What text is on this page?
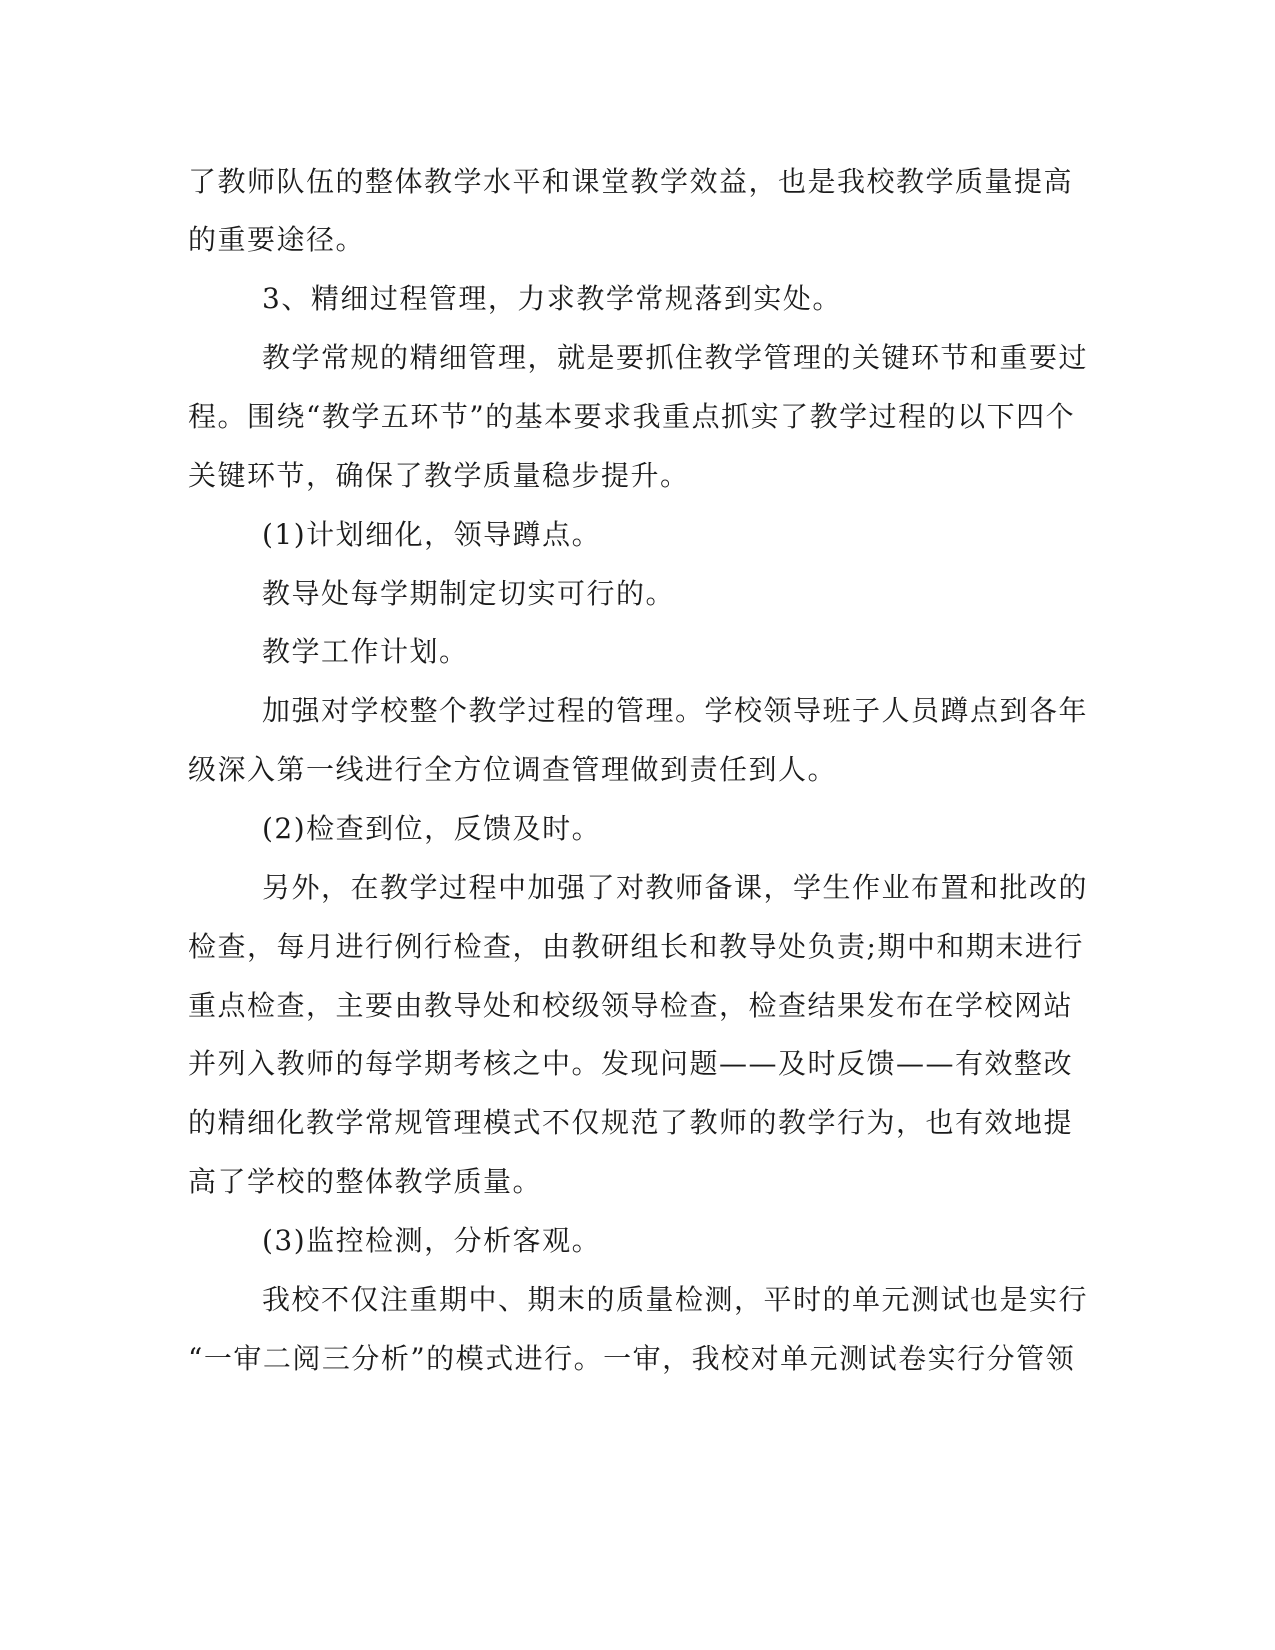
了教师队伍的整体教学水平和课堂教学效益，也是我校教学质量提高

的重要途径。

3、精细过程管理，力求教学常规落到实处。

教学常规的精细管理，就是要抓住教学管理的关键环节和重要过

程。围绕“教学五环节”的基本要求我重点抓实了教学过程的以下四个

关键环节，确保了教学质量稳步提升。

(1)计划细化，领导蹲点。

教导处每学期制定切实可行的。

教学工作计划。

加强对学校整个教学过程的管理。学校领导班子人员蹲点到各年

级深入第一线进行全方位调查管理做到责任到人。

(2)检查到位，反馈及时。

另外，在教学过程中加强了对教师备课，学生作业布置和批改的

检查，每月进行例行检查，由教研组长和教导处负责;期中和期末进行

重点检查，主要由教导处和校级领导检查，检查结果发布在学校网站

并列入教师的每学期考核之中。发现问题——及时反馈——有效整改

的精细化教学常规管理模式不仅规范了教师的教学行为，也有效地提

高了学校的整体教学质量。

(3)监控检测，分析客观。

我校不仅注重期中、期末的质量检测，平时的单元测试也是实行

“一审二阅三分析”的模式进行。一审，我校对单元测试卷实行分管领
